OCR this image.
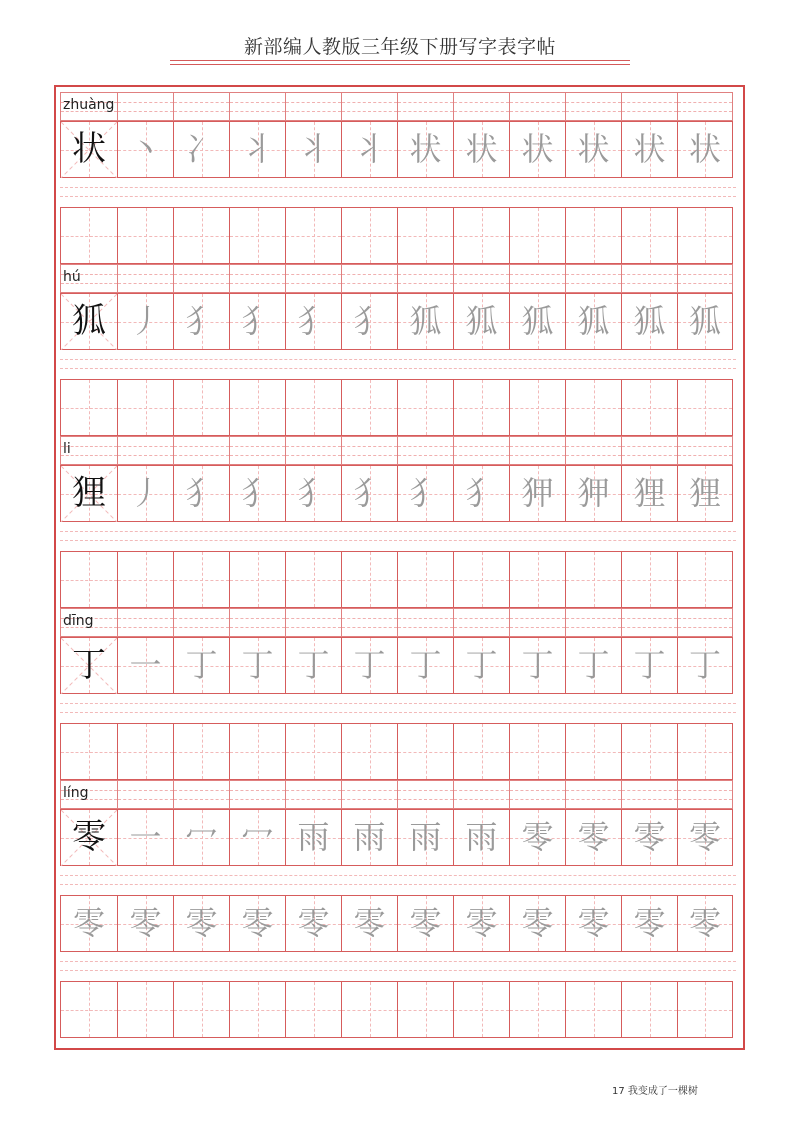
新部编人教版三年级下册写字表字帖
zhuàng
状 丶 冫 丬 丬 丬 状 状 状 状 状 状
hú
狐 丿 犭 犭 犭 犭 狐 狐 狐 狐 狐 狐
li
狸 丿 犭 犭 犭 犭 犭 犭 狎 狎 狸 狸
dīng
丁 一 丁 丁 丁 丁 丁 丁 丁 丁 丁 丁
líng
零 一 冖 冖 雨 雨 雨 雨 零 零 零 零
零 零 零 零 零 零 零 零 零 零 零 零
17 我变成了一棵树
